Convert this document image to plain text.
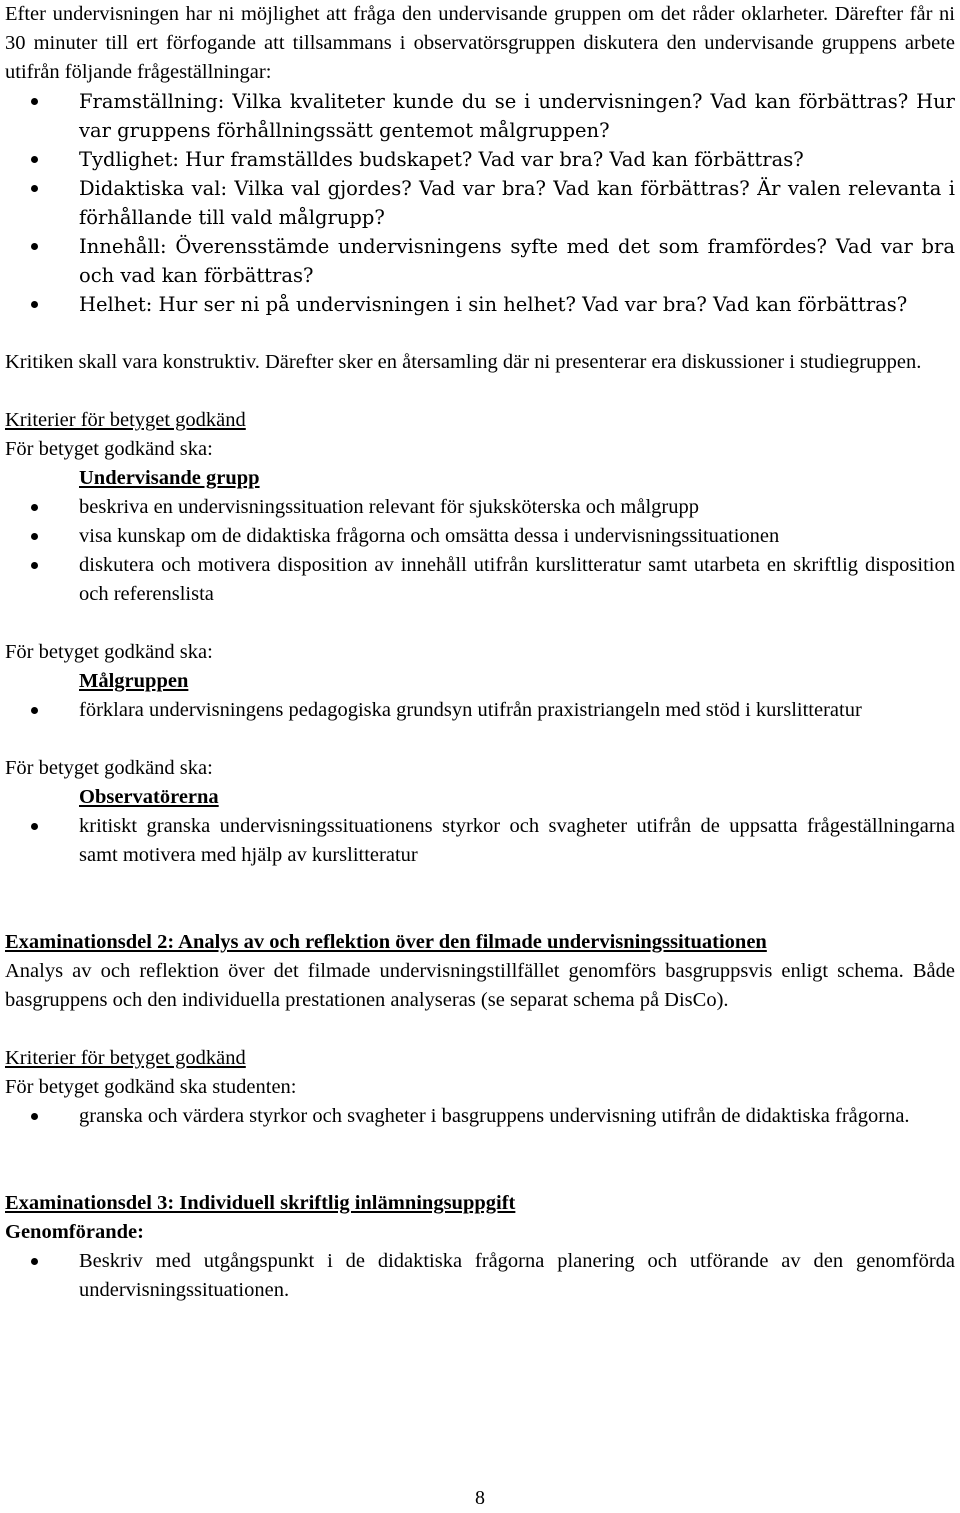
Efter undervisningen har ni möjlighet att fråga den undervisande gruppen om det råder oklarheter. Därefter får ni 30 minuter till ert förfogande att tillsammans i observatörsgruppen diskutera den undervisande gruppens arbete utifrån följande frågeställningar:

Framställning: Vilka kvaliteter kunde du se i undervisningen? Vad kan förbättras? Hur var gruppens förhållningssätt gentemot målgruppen?
Tydlighet: Hur framställdes budskapet? Vad var bra? Vad kan förbättras?
Didaktiska val: Vilka val gjordes? Vad var bra? Vad kan förbättras? Är valen relevanta i förhållande till vald målgrupp?
Innehåll: Överensstämde undervisningens syfte med det som framfördes? Vad var bra och vad kan förbättras?
Helhet: Hur ser ni på undervisningen i sin helhet? Vad var bra? Vad kan förbättras?

Kritiken skall vara konstruktiv. Därefter sker en återsamling där ni presenterar era diskussioner i studiegruppen.

Kriterier för betyget godkänd

För betyget godkänd ska:

Undervisande grupp

beskriva en undervisningssituation relevant för sjuksköterska och målgrupp
visa kunskap om de didaktiska frågorna och omsätta dessa i undervisningssituationen
diskutera och motivera disposition av innehåll utifrån kurslitteratur samt utarbeta en skriftlig disposition och referenslista

För betyget godkänd ska:

Målgruppen

förklara undervisningens pedagogiska grundsyn utifrån praxistriangeln med stöd i kurslitteratur

För betyget godkänd ska:

Observatörerna

kritiskt granska undervisningssituationens styrkor och svagheter utifrån de uppsatta frågeställningarna samt motivera med hjälp av kurslitteratur

Examinationsdel 2: Analys av och reflektion över den filmade undervisningssituationen

Analys av och reflektion över det filmade undervisningstillfället genomförs basgruppsvis enligt schema. Både basgruppens och den individuella prestationen analyseras (se separat schema på DisCo).

Kriterier för betyget godkänd

För betyget godkänd ska studenten:

granska och värdera styrkor och svagheter i basgruppens undervisning utifrån de didaktiska frågorna.

Examinationsdel 3: Individuell skriftlig inlämningsuppgift

Genomförande:

Beskriv med utgångspunkt i de didaktiska frågorna planering och utförande av den genomförda undervisningssituationen.
8
